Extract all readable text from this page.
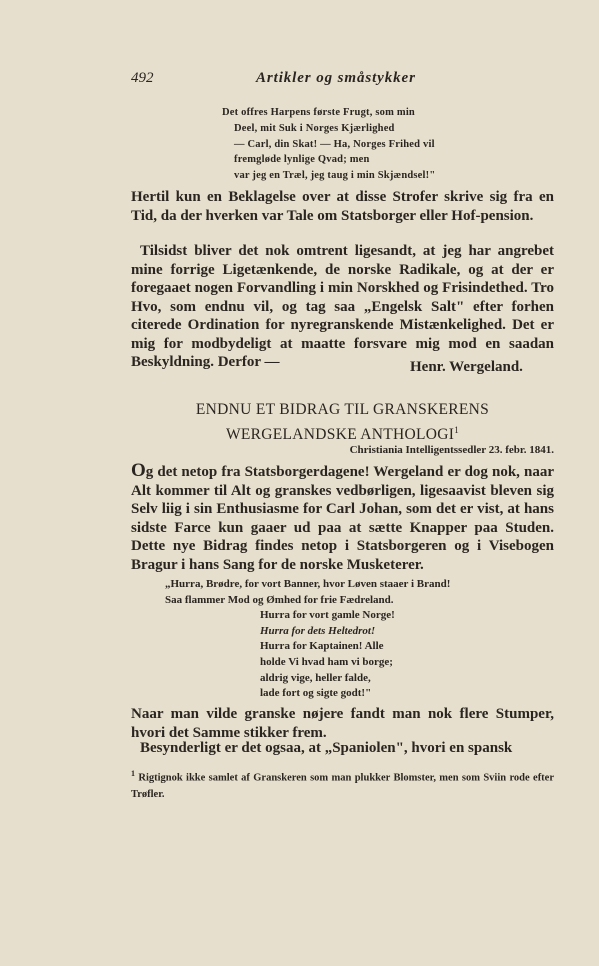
492	Artikler og småstykker
Det offres Harpens første Frugt, som min
Deel, mit Suk i Norges Kjærlighed
— Carl, din Skat! — Ha, Norges Frihed vil
fremgløde lynlige Qvad; men
var jeg en Træl, jeg taug i min Skjændsel!"
Hertil kun en Beklagelse over at disse Strofer skrive sig fra en Tid, da der hverken var Tale om Statsborger eller Hof-pension.
Tilsidst bliver det nok omtrent ligesandt, at jeg har angrebet mine forrige Ligetænkende, de norske Radikale, og at der er foregaaet nogen Forvandling i min Norskhed og Frisindethed. Tro Hvo, som endnu vil, og tag saa „Engelsk Salt" efter forhen citerede Ordination for nyregranskende Mistænkelighed. Det er mig for modbydeligt at maatte forsvare mig mod en saadan Beskyldning. Derfor —	Henr. Wergeland.
ENDNU ET BIDRAG TIL GRANSKERENS
WERGELANDSKE ANTHOLOGI$^1$
Christiania Intelligentssedler 23. febr. 1841.
Og det netop fra Statsborgerdagene! Wergeland er dog nok, naar Alt kommer til Alt og granskes vedbørligen, ligesaavist bleven sig Selv liig i sin Enthusiasme for Carl Johan, som det er vist, at hans sidste Farce kun gaaer ud paa at sætte Knapper paa Studen. Dette nye Bidrag findes netop i Statsborgeren og i Visebogen Bragur i hans Sang for de norske Musketerer.
„Hurra, Brødre, for vort Banner, hvor Løven staaer i Brand!
Saa flammer Mod og Ømhed for frie Fædreland.
Hurra for vort gamle Norge!
Hurra for dets Heltedrot!
Hurra for Kaptainen! Alle
holde Vi hvad ham vi borge;
aldrig vige, heller falde,
lade fort og sigte godt!"
Naar man vilde granske nøjere fandt man nok flere Stumper, hvori det Samme stikker frem.
Besynderligt er det ogsaa, at „Spaniolen", hvori en spansk
$^1$ Rigtignok ikke samlet af Granskeren som man plukker Blomster, men som Sviin rode efter Trøfler.
